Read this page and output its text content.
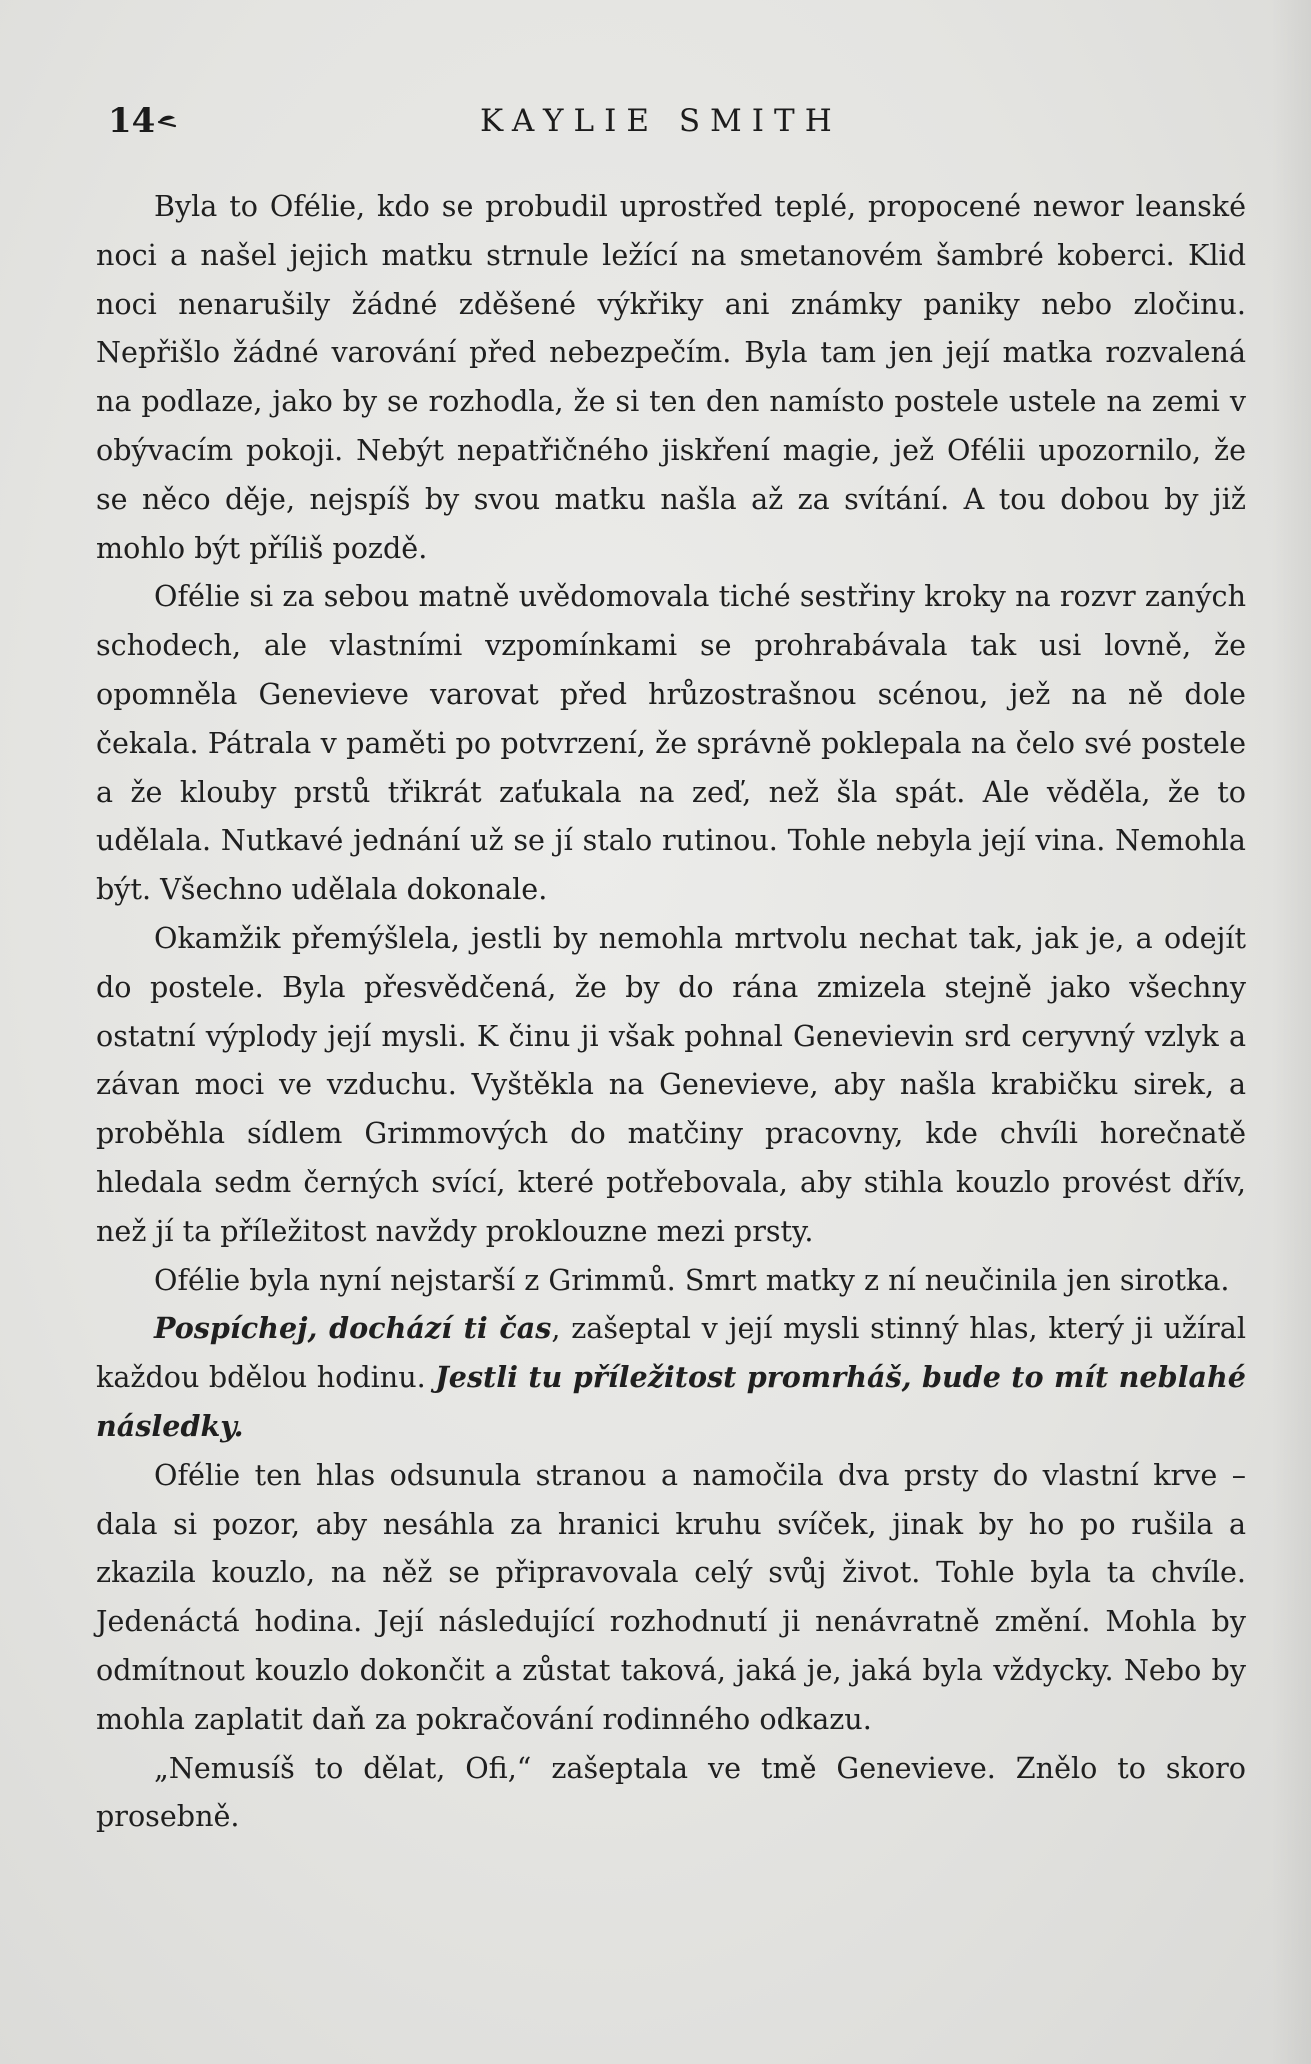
14	KAYLIE SMITH

Byla to Ofélie, kdo se probudil uprostřed teplé, propocené newor leanské noci a našel jejich matku strnule ležící na smetanovém šambré koberci. Klid noci nenarušily žádné zděšené výkřiky ani známky paniky nebo zločinu. Nepřišlo žádné varování před nebezpečím. Byla tam jen její matka rozvalená na podlaze, jako by se rozhodla, že si ten den namísto postele ustele na zemi v obývacím pokoji. Nebýt nepatřičného jiskření magie, jež Ofélii upozornilo, že se něco děje, nejspíš by svou matku našla až za svítání. A tou dobou by již mohlo být příliš pozdě.

Ofélie si za sebou matně uvědomovala tiché sestřiny kroky na rozvr zaných schodech, ale vlastními vzpomínkami se prohrabávala tak usi lovně, že opomněla Genevieve varovat před hrůzostrašnou scénou, jež na ně dole čekala. Pátrala v paměti po potvrzení, že správně poklepala na čelo své postele a že klouby prstů třikrát zaťukala na zeď, než šla spát. Ale věděla, že to udělala. Nutkavé jednání už se jí stalo rutinou. Tohle nebyla její vina. Nemohla být. Všechno udělala dokonale.

Okamžik přemýšlela, jestli by nemohla mrtvolu nechat tak, jak je, a odejít do postele. Byla přesvědčená, že by do rána zmizela stejně jako všechny ostatní výplody její mysli. K činu ji však pohnal Genevievin srd ceryvný vzlyk a závan moci ve vzduchu. Vyštěkla na Genevieve, aby našla krabičku sirek, a proběhla sídlem Grimmových do matčiny pracovny, kde chvíli horečnatě hledala sedm černých svící, které potřebovala, aby stihla kouzlo provést dřív, než jí ta příležitost navždy proklouzne mezi prsty.

Ofélie byla nyní nejstarší z Grimmů. Smrt matky z ní neučinila jen sirotka.

Pospíchej, dochází ti čas, zašeptal v její mysli stinný hlas, který ji užíral každou bdělou hodinu. Jestli tu příležitost promrháš, bude to mít neblahé následky.

Ofélie ten hlas odsunula stranou a namočila dva prsty do vlastní krve – dala si pozor, aby nesáhla za hranici kruhu svíček, jinak by ho po rušila a zkazila kouzlo, na něž se připravovala celý svůj život. Tohle byla ta chvíle. Jedenáctá hodina. Její následující rozhodnutí ji nenávratně změní. Mohla by odmítnout kouzlo dokončit a zůstat taková, jaká je, jaká byla vždycky. Nebo by mohla zaplatit daň za pokračování rodinného odkazu.

„Nemusíš to dělat, Ofi,“ zašeptala ve tmě Genevieve. Znělo to skoro prosebně.
